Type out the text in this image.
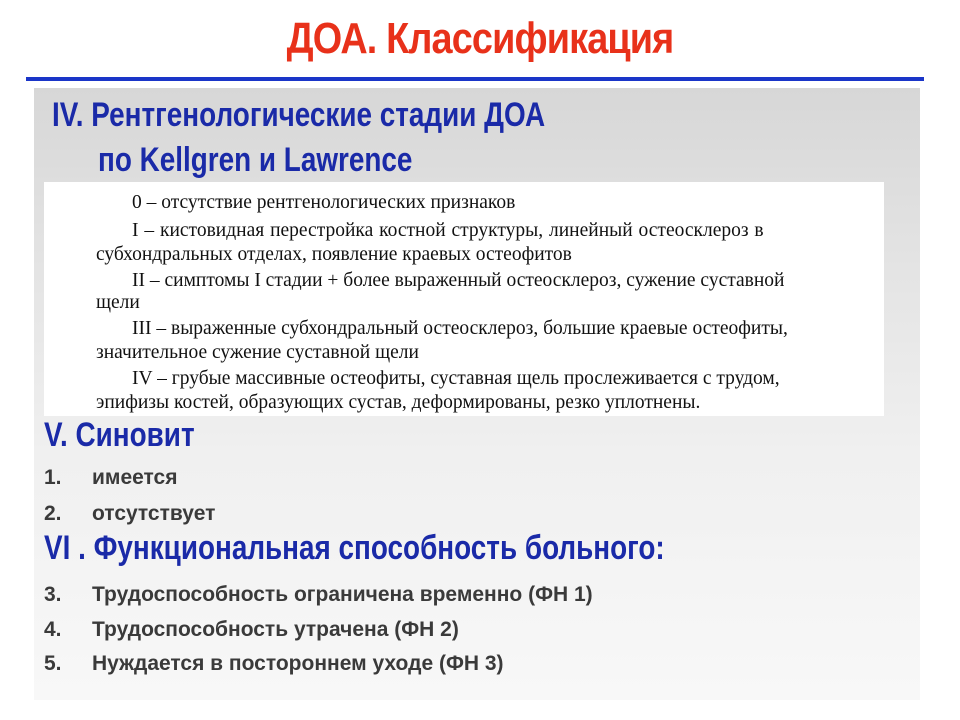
ДОА. Классификация
IV. Рентгенологические стадии ДОА
по Kellgren и Lawrence
0 – отсутствие рентгенологических признаков
I – кистовидная перестройка костной структуры, линейный остеосклероз в
субхондральных отделах, появление краевых остеофитов
II – симптомы I стадии + более выраженный остеосклероз, сужение суставной
щели
III – выраженные субхондральный остеосклероз, большие краевые остеофиты,
значительное сужение суставной щели
IV – грубые массивные остеофиты, суставная щель прослеживается с трудом,
эпифизы костей, образующих сустав, деформированы, резко уплотнены.
V. Синовит
1. имеется
2. отсутствует
VI . Функциональная способность больного:
3. Трудоспособность ограничена временно (ФН 1)
4. Трудоспособность утрачена (ФН 2)
5. Нуждается в постороннем уходе (ФН 3)
